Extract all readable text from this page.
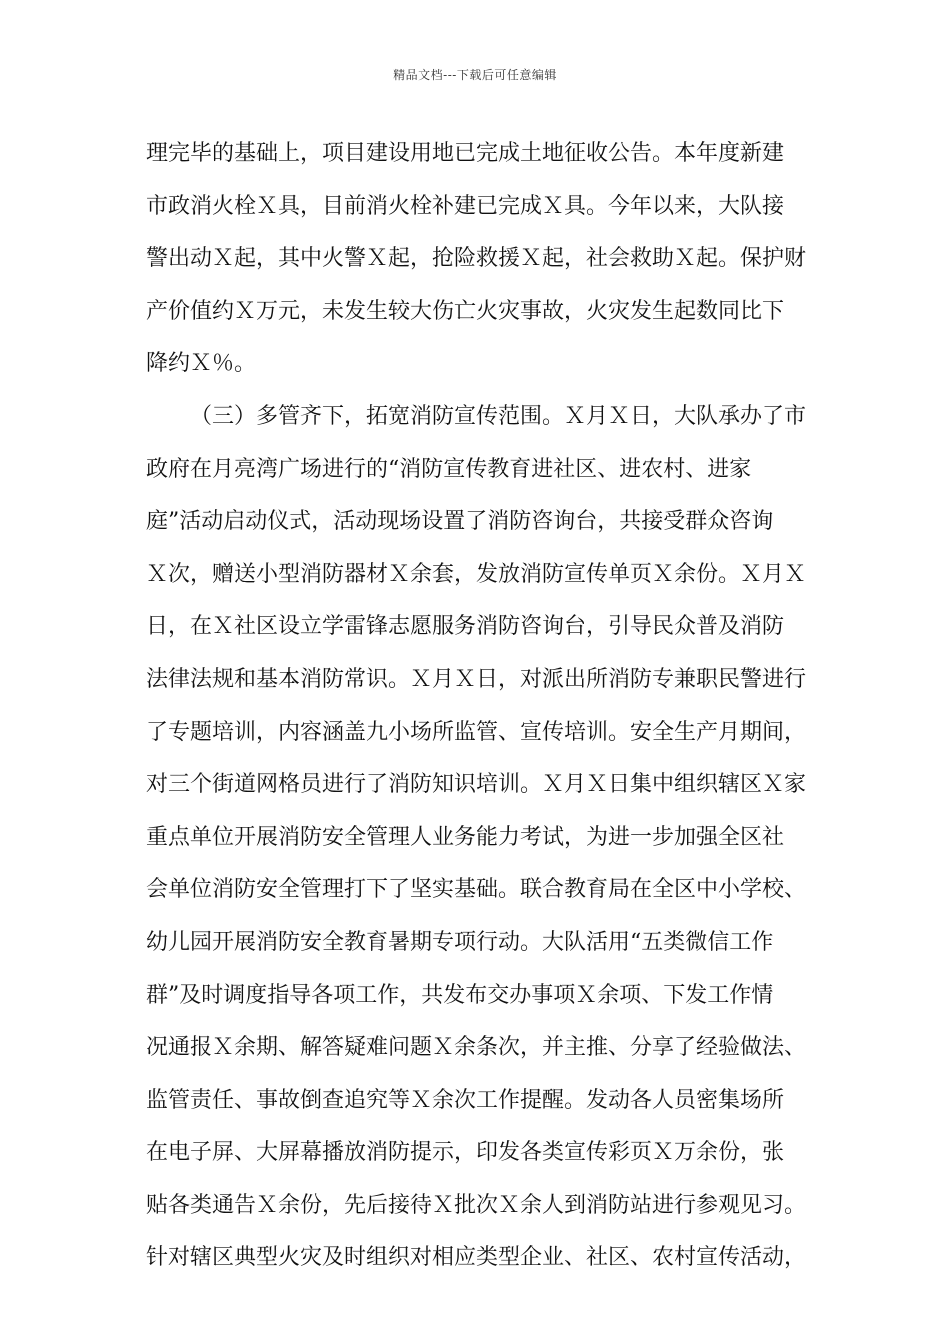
精品文档---下载后可任意编辑
理完毕的基础上，项目建设用地已完成土地征收公告。本年度新建
市政消火栓Ｘ具，目前消火栓补建已完成Ｘ具。今年以来，大队接
警出动Ｘ起，其中火警Ｘ起，抢险救援Ｘ起，社会救助Ｘ起。保护财
产价值约Ｘ万元，未发生较大伤亡火灾事故，火灾发生起数同比下
降约Ｘ％。
（三）多管齐下，拓宽消防宣传范围。Ｘ月Ｘ日，大队承办了市
政府在月亮湾广场进行的“消防宣传教育进社区、进农村、进家
庭”活动启动仪式，活动现场设置了消防咨询台，共接受群众咨询
Ｘ次，赠送小型消防器材Ｘ余套，发放消防宣传单页Ｘ余份。Ｘ月Ｘ
日，在Ｘ社区设立学雷锋志愿服务消防咨询台，引导民众普及消防
法律法规和基本消防常识。Ｘ月Ｘ日，对派出所消防专兼职民警进行
了专题培训，内容涵盖九小场所监管、宣传培训。安全生产月期间，
对三个街道网格员进行了消防知识培训。Ｘ月Ｘ日集中组织辖区Ｘ家
重点单位开展消防安全管理人业务能力考试，为进一步加强全区社
会单位消防安全管理打下了坚实基础。联合教育局在全区中小学校、
幼儿园开展消防安全教育暑期专项行动。大队活用“五类微信工作
群”及时调度指导各项工作，共发布交办事项Ｘ余项、下发工作情
况通报Ｘ余期、解答疑难问题Ｘ余条次，并主推、分享了经验做法、
监管责任、事故倒查追究等Ｘ余次工作提醒。发动各人员密集场所
在电子屏、大屏幕播放消防提示，印发各类宣传彩页Ｘ万余份，张
贴各类通告Ｘ余份，先后接待Ｘ批次Ｘ余人到消防站进行参观见习。
针对辖区典型火灾及时组织对相应类型企业、社区、农村宣传活动，
